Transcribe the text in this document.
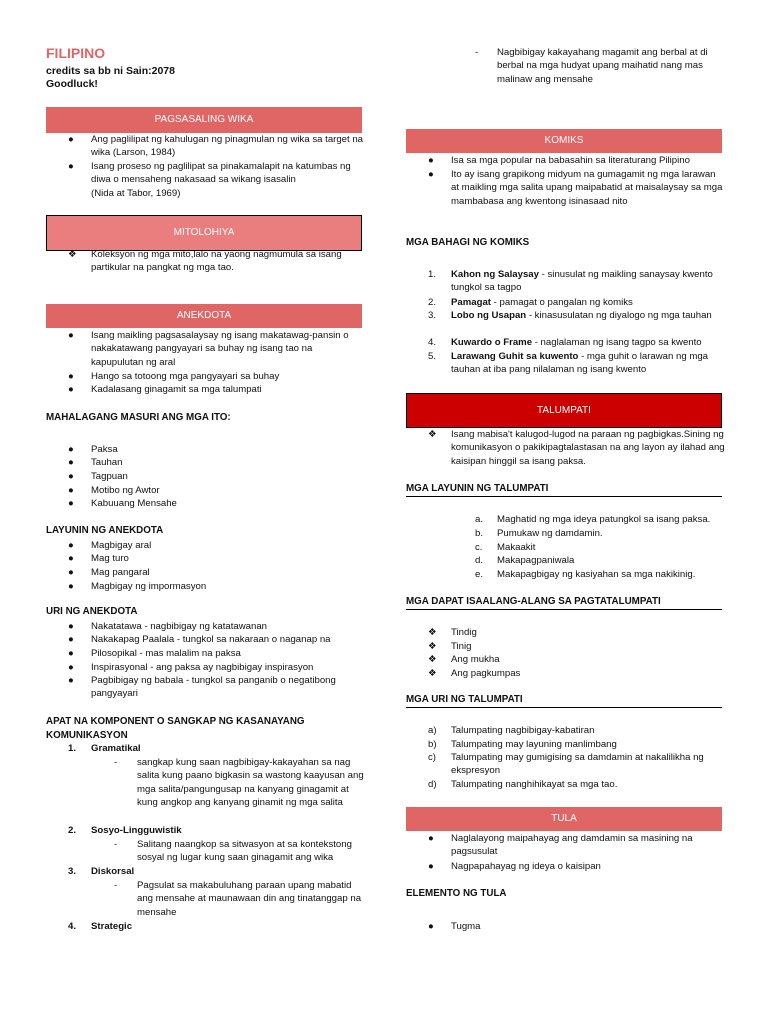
FILIPINO
credits sa bb ni Sain:2078
Goodluck!
PAGSASALING WIKA
● Ang paglilipat ng kahulugan ng pinagmulan ng wika sa target na wika (Larson, 1984)
● Isang proseso ng paglilipat sa pinakamalapit na katumbas ng diwa o mensaheng nakasaad sa wikang isasalin
(Nida at Tabor, 1969)
MITOLOHIYA
❖ Koleksyon ng mga mito,lalo na yaong nagmumula sa isang partikular na pangkat ng mga tao.
ANEKDOTA
● Isang maikling pagsasalaysay ng isang makatawag-pansin o nakakatawang pangyayari sa buhay ng isang tao na kapupulutan ng aral
● Hango sa totoong mga pangyayari sa buhay
● Kadalasang ginagamit sa mga talumpati
MAHALAGANG MASURI ANG MGA ITO:
● Paksa
● Tauhan
● Tagpuan
● Motibo ng Awtor
● Kabuuang Mensahe
LAYUNIN NG ANEKDOTA
● Magbigay aral
● Mag turo
● Mag pangaral
● Magbigay ng impormasyon
URI NG ANEKDOTA
● Nakatatawa - nagbibigay ng katatawanan
● Nakakapag Paalala - tungkol sa nakaraan o naganap na
● Pilosopikal - mas malalim na paksa
● Inspirasyonal - ang paksa ay nagbibigay inspirasyon
● Pagbibigay ng babala - tungkol sa panganib o negatibong pangyayari
APAT NA KOMPONENT O SANGKAP NG KASANAYANG KOMUNIKASYON
1. Gramatikal
- sangkap kung saan nagbibigay-kakayahan sa nag salita kung paano bigkasin sa wastong kaayusan ang mga salita/pangungusap na kanyang ginagamit at kung angkop ang kanyang ginamit ng mga salita
2. Sosyo-Lingguwistik
- Salitang naangkop sa sitwasyon at sa kontekstong sosyal ng lugar kung saan ginagamit ang wika
3. Diskorsal
- Pagsulat sa makabuluhang paraan upang mabatid ang mensahe at maunawaan din ang tinatanggap na mensahe
4. Strategic
- Nagbibigay kakayahang magamit ang berbal at di berbal na mga hudyat upang maihatid nang mas malinaw ang mensahe
KOMIKS
● Isa sa mga popular na babasahin sa literaturang Pilipino
● Ito ay isang grapikong midyum na gumagamit ng mga larawan at maikling mga salita upang maipabatid at maisalaysay sa mga mambabasa ang kwentong isinasaad nito
MGA BAHAGI NG KOMIKS
1. Kahon ng Salaysay - sinusulat ng maikling sanaysay kwento tungkol sa tagpo
2. Pamagat - pamagat o pangalan ng komiks
3. Lobo ng Usapan - kinasusulatan ng diyalogo ng mga tauhan
4. Kuwardo o Frame - naglalaman ng isang tagpo sa kwento
5. Larawang Guhit sa kuwento - mga guhit o larawan ng mga tauhan at iba pang nilalaman ng isang kwento
TALUMPATI
❖ Isang mabisa't kalugod-lugod na paraan ng pagbigkas.Sining ng komunikasyon o pakikipagtalastasan na ang layon ay ilahad ang kaisipan hinggil sa isang paksa.
MGA LAYUNIN NG TALUMPATI
a. Maghatid ng mga ideya patungkol sa isang paksa.
b. Pumukaw ng damdamin.
c. Makaakit
d. Makapagpaniwala
e. Makapagbigay ng kasiyahan sa mga nakikinig.
MGA DAPAT ISAALANG-ALANG SA PAGTATALUMPATI
❖ Tindig
❖ Tinig
❖ Ang mukha
❖ Ang pagkumpas
MGA URI NG TALUMPATI
a) Talumpating nagbibigay-kabatiran
b) Talumpating may layuning manlimbang
c) Talumpating may gumigising sa damdamin at nakalilikha ng ekspresyon
d) Talumpating nanghihikayat sa mga tao.
TULA
● Naglalayong maipahayag ang damdamin sa masining na pagsusulat
● Nagpapahayag ng ideya o kaisipan
ELEMENTO NG TULA
● Tugma
